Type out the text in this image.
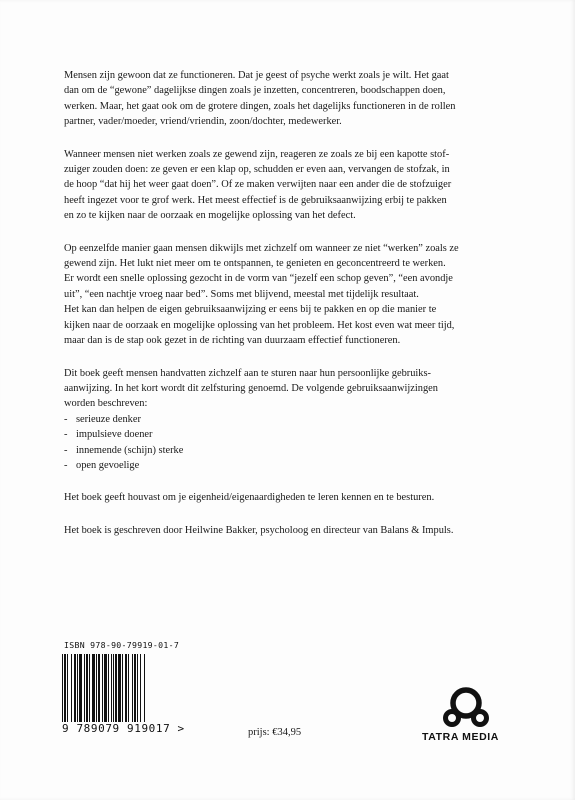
Mensen zijn gewoon dat ze functioneren. Dat je geest of psyche werkt zoals je wilt. Het gaat
dan om de “gewone” dagelijkse dingen zoals je inzetten, concentreren, boodschappen doen,
werken. Maar, het gaat ook om de grotere dingen, zoals het dagelijks functioneren in de rollen
partner, vader/moeder, vriend/vriendin, zoon/dochter, medewerker.
Wanneer mensen niet werken zoals ze gewend zijn, reageren ze zoals ze bij een kapotte stof-
zuiger zouden doen: ze geven er een klap op, schudden er even aan, vervangen de stofzak, in
de hoop “dat hij het weer gaat doen”. Of ze maken verwijten naar een ander die de stofzuiger
heeft ingezet voor te grof werk. Het meest effectief is de gebruiksaanwijzing erbij te pakken
en zo te kijken naar de oorzaak en mogelijke oplossing van het defect.
Op eenzelfde manier gaan mensen dikwijls met zichzelf om wanneer ze niet “werken” zoals ze
gewend zijn. Het lukt niet meer om te ontspannen, te genieten en geconcentreerd te werken.
Er wordt een snelle oplossing gezocht in de vorm van “jezelf een schop geven”, “een avondje
uit”, “een nachtje vroeg naar bed”. Soms met blijvend, meestal met tijdelijk resultaat.
Het kan dan helpen de eigen gebruiksaanwijzing er eens bij te pakken en op die manier te
kijken naar de oorzaak en mogelijke oplossing van het probleem. Het kost even wat meer tijd,
maar dan is de stap ook gezet in de richting van duurzaam effectief functioneren.
Dit boek geeft mensen handvatten zichzelf aan te sturen naar hun persoonlijke gebruiks-
aanwijzing. In het kort wordt dit zelfsturing genoemd. De volgende gebruiksaanwijzingen
worden beschreven:
- serieuze denker
- impulsieve doener
- innemende (schijn) sterke
- open gevoelige
Het boek geeft houvast om je eigenheid/eigenaardigheden te leren kennen en te besturen.
Het boek is geschreven door Heilwine Bakker, psycholoog en directeur van Balans & Impuls.
ISBN 978-90-79919-01-7
9 789079 919017 >	prijs: €34,95	TATRA MEDIA
